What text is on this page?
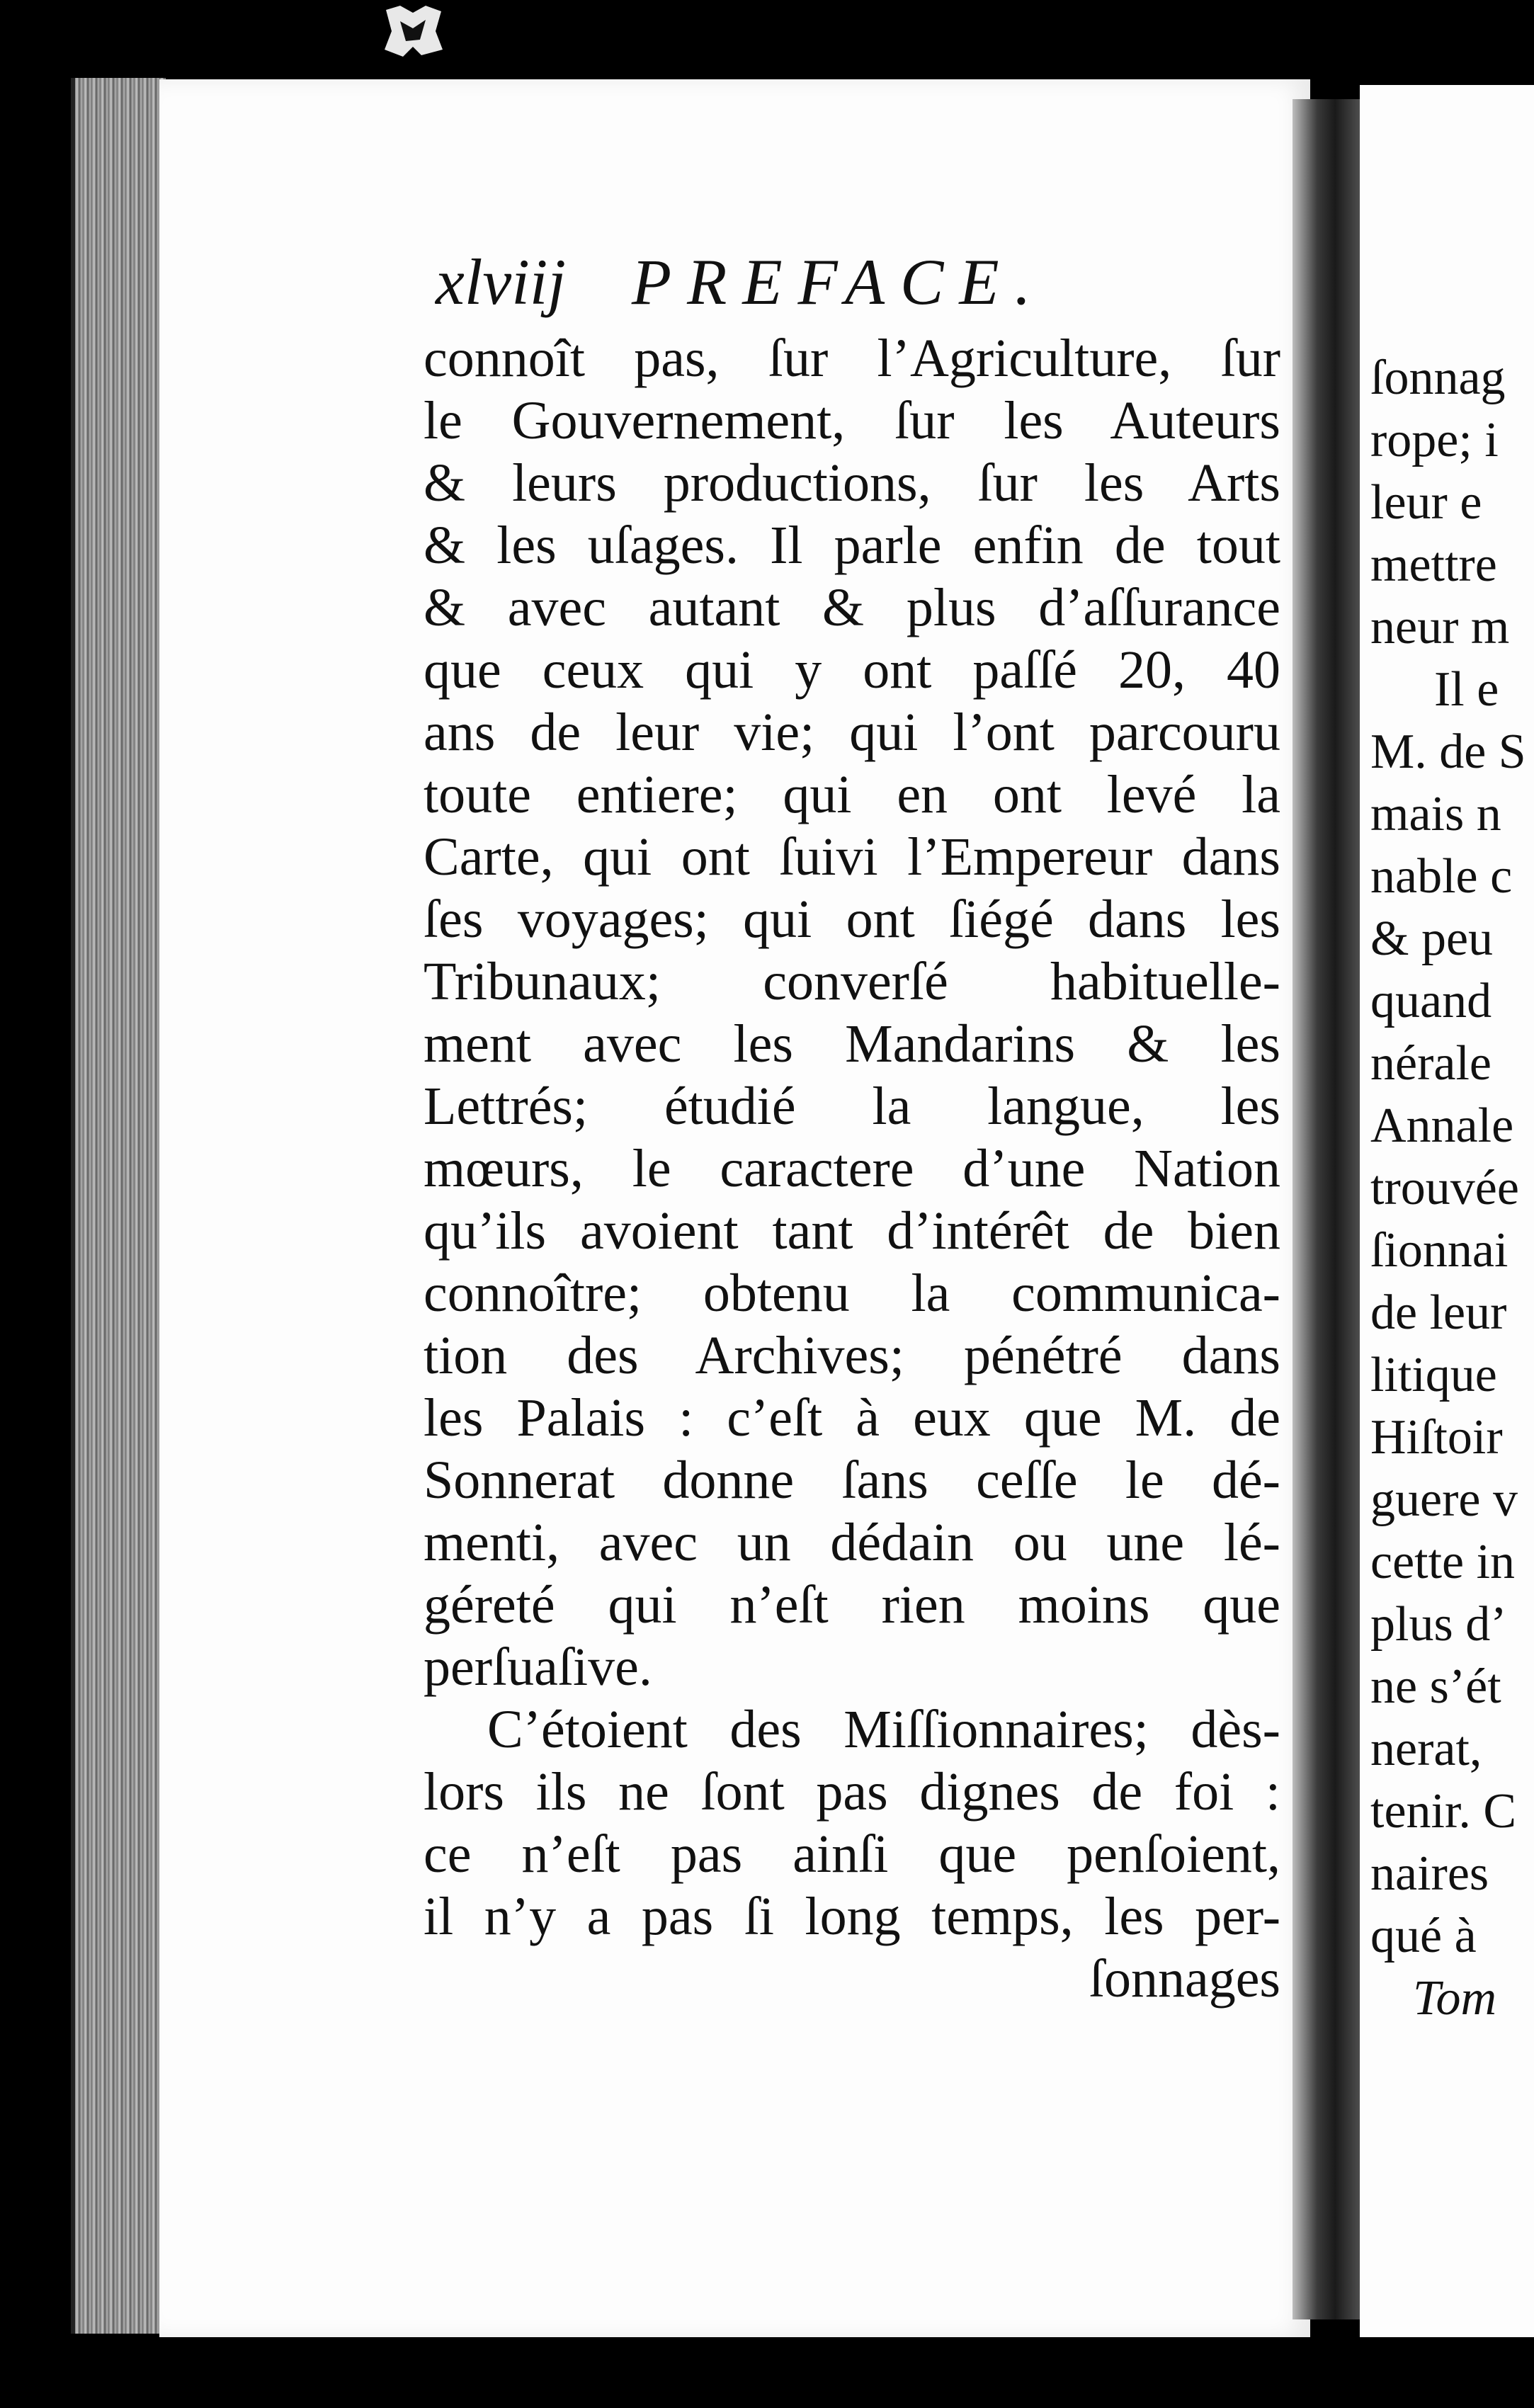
xlviij PREFACE.
connoît pas, ſur l’Agriculture, ſur
le Gouvernement, ſur les Auteurs
& leurs productions, ſur les Arts
& les uſages. Il parle enfin de tout
& avec autant & plus d’aſſurance
que ceux qui y ont paſſé 20, 40
ans de leur vie; qui l’ont parcouru
toute entiere; qui en ont levé la
Carte, qui ont ſuivi l’Empereur dans
ſes voyages; qui ont ſiégé dans les
Tribunaux; converſé habituelle-
ment avec les Mandarins & les
Lettrés; étudié la langue, les
mœurs, le caractere d’une Nation
qu’ils avoient tant d’intérêt de bien
connoître; obtenu la communica-
tion des Archives; pénétré dans
les Palais : c’eſt à eux que M. de
Sonnerat donne ſans ceſſe le dé-
menti, avec un dédain ou une lé-
géreté qui n’eſt rien moins que
perſuaſive.
C’étoient des Miſſionnaires; dès-
lors ils ne ſont pas dignes de foi :
ce n’eſt pas ainſi que penſoient,
il n’y a pas ſi long temps, les per-
ſonnages
ſonnag
rope; i
leur e
mettre
neur m
Il e
M. de S
mais n
nable c
& peu
quand
nérale
Annale
trouvée
ſionnai
de leur
litique
Hiſtoir
guere v
cette in
plus d’
ne s’ét
nerat,
tenir. C
naires
qué à
Tom
